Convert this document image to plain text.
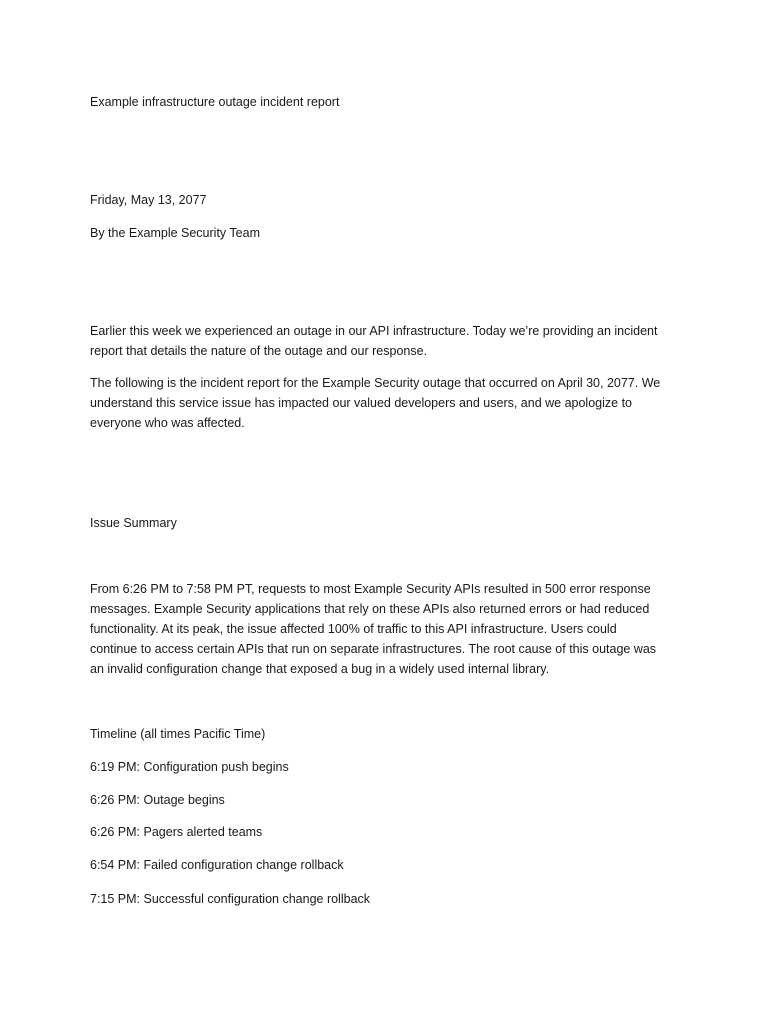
Example infrastructure outage incident report

Friday, May 13, 2077

By the Example Security Team

Earlier this week we experienced an outage in our API infrastructure. Today we’re providing an incident
report that details the nature of the outage and our response.
The following is the incident report for the Example Security outage that occurred on April 30, 2077. We
understand this service issue has impacted our valued developers and users, and we apologize to
everyone who was affected.

Issue Summary

From 6:26 PM to 7:58 PM PT, requests to most Example Security APIs resulted in 500 error response
messages. Example Security applications that rely on these APIs also returned errors or had reduced
functionality. At its peak, the issue affected 100% of traffic to this API infrastructure. Users could
continue to access certain APIs that run on separate infrastructures. The root cause of this outage was
an invalid configuration change that exposed a bug in a widely used internal library.

Timeline (all times Pacific Time)

6:19 PM: Configuration push begins

6:26 PM: Outage begins

6:26 PM: Pagers alerted teams

6:54 PM: Failed configuration change rollback

7:15 PM: Successful configuration change rollback
